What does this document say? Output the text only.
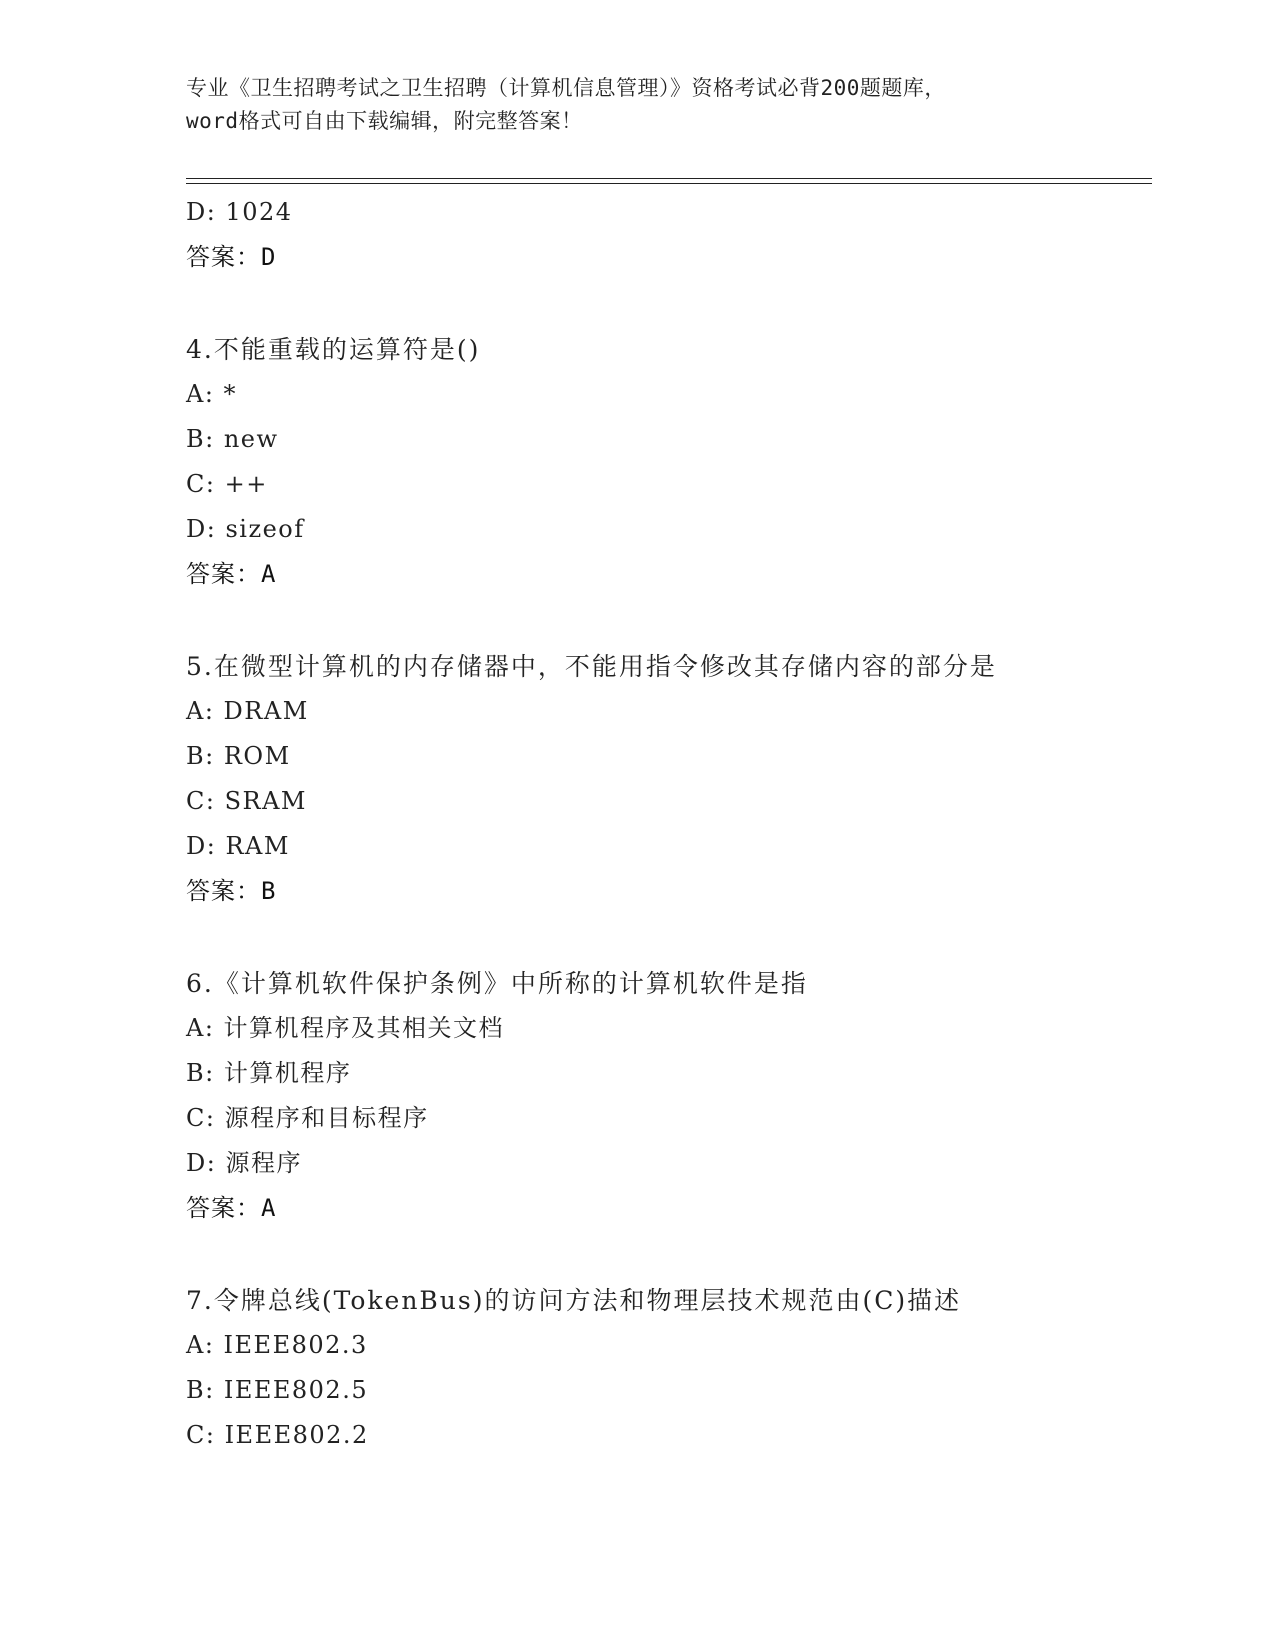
专业《卫生招聘考试之卫生招聘（计算机信息管理）》资格考试必背200题题库，
word格式可自由下载编辑，附完整答案！
D: 1024
答案：D
4.不能重载的运算符是()
A: *
B: new
C: ++
D: sizeof
答案：A
5.在微型计算机的内存储器中，不能用指令修改其存储内容的部分是
A: DRAM
B: ROM
C: SRAM
D: RAM
答案：B
6.《计算机软件保护条例》中所称的计算机软件是指
A: 计算机程序及其相关文档
B: 计算机程序
C: 源程序和目标程序
D: 源程序
答案：A
7.令牌总线(TokenBus)的访问方法和物理层技术规范由(C)描述
A: IEEE802.3
B: IEEE802.5
C: IEEE802.2
